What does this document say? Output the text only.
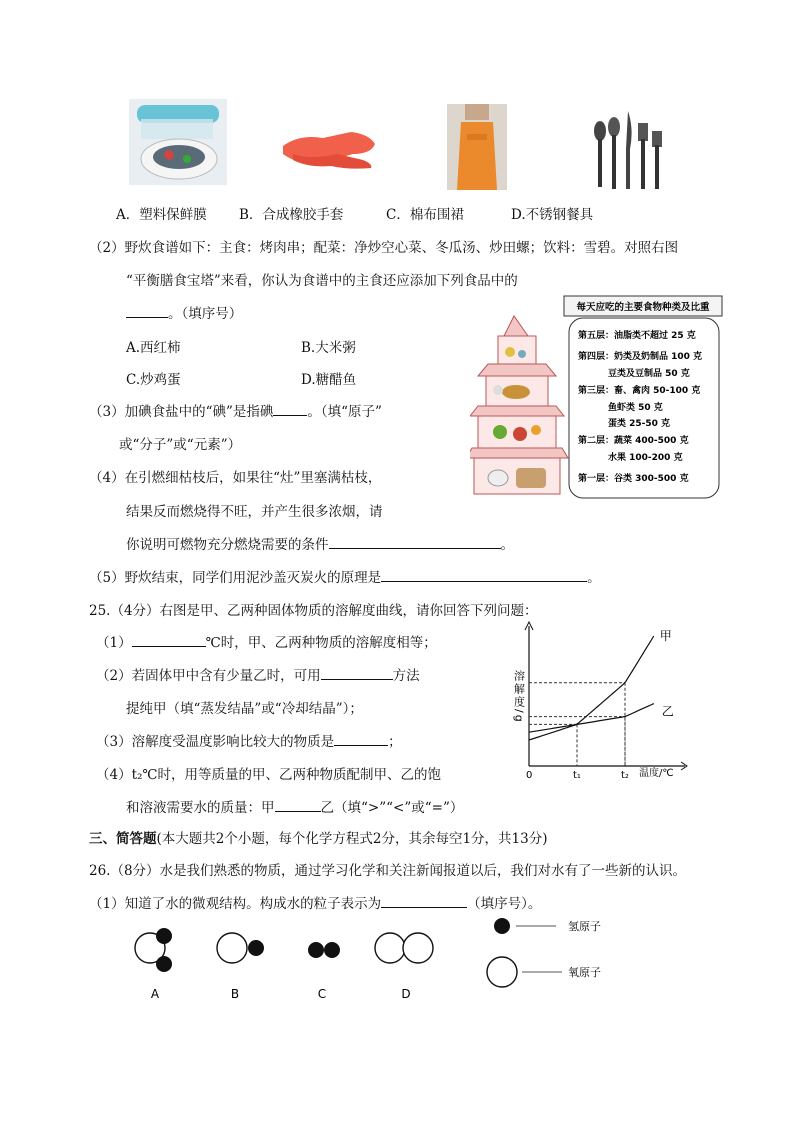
A．塑料保鲜膜 B．合成橡胶手套	C．棉布围裙	D.不锈钢餐具
（2）野炊食谱如下：主食：烤肉串；配菜：净炒空心菜、冬瓜汤、炒田螺；饮料：雪碧。对照右图
“平衡膳食宝塔”来看，你认为食谱中的主食还应添加下列食品中的
。（填序号）
A.西红柿	B.大米粥
C.炒鸡蛋	D.糖醋鱼
（3）加碘食盐中的“碘”是指碘	。（填“原子”
或“分子”或“元素”）
（4）在引燃细枯枝后，如果往“灶”里塞满枯枝，
结果反而燃烧得不旺，并产生很多浓烟，请
你说明可燃物充分燃烧需要的条件	。
（5）野炊结束，同学们用泥沙盖灭炭火的原理是	。
每天应吃的主要食物种类及比重
第五层：油脂类不超过 25 克
第四层：奶类及奶制品 100 克
豆类及豆制品 50 克
第三层：畜、禽肉 50-100 克
鱼虾类 50 克
蛋类 25-50 克
第二层：蔬菜 400-500 克
水果 100-200 克
第一层：谷类 300-500 克
25.（4分）右图是甲、乙两种固体物质的溶解度曲线，请你回答下列问题：
（1）	℃时，甲、乙两种物质的溶解度相等；
（2）若固体甲中含有少量乙时，可用	方法
提纯甲（填“蒸发结晶”或“冷却结晶”）；
（3）溶解度受温度影响比较大的物质是	；
（4）t₂℃时，用等质量的甲、乙两种物质配制甲、乙的饱
和溶液需要水的质量：甲	乙（填“>”“<”或“=”）
甲
乙
0	t₁	t₂
溶解度/g
温度/℃
三、简答题(本大题共2个小题，每个化学方程式2分，其余每空1分，共13分)
26.（8分）水是我们熟悉的物质，通过学习化学和关注新闻报道以后，我们对水有了一些新的认识。
（1）知道了水的微观结构。构成水的粒子表示为	（填序号）。
A	B	C	D
氢原子
氧原子
